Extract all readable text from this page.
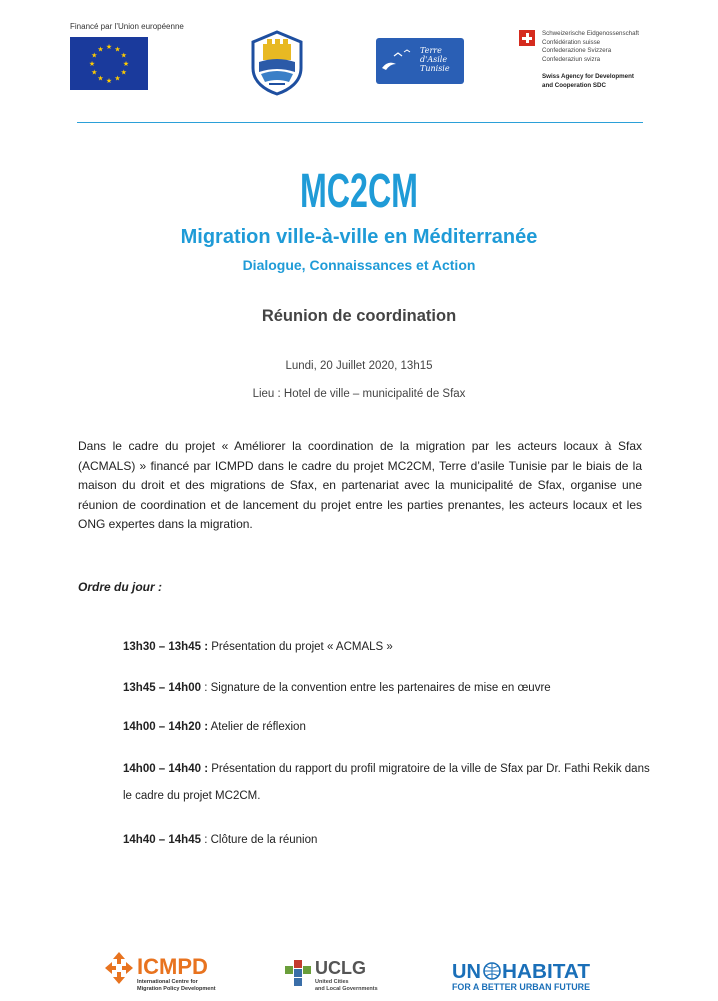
Financé par l’Union européenne
★ ★
★
★
★
★
★
★
★
★
★
★	Terre
d'Asile
Tunisie
Schweizerische Eidgenossenschaft
Confédération suisse
Confederazione Svizzera
Confederaziun svizra
Swiss Agency for Development
and Cooperation SDC
MC2CM
Migration ville-à-ville en Méditerranée
Dialogue, Connaissances et Action
Réunion de coordination
Lundi, 20 Juillet 2020, 13h15
Lieu : Hotel de ville – municipalité de Sfax
Dans le cadre du projet « Améliorer la coordination de la migration par les acteurs locaux à Sfax (ACMALS) » financé par ICMPD dans le cadre du projet MC2CM, Terre d’asile Tunisie par le biais de la maison du droit et des migrations de Sfax, en partenariat avec la municipalité de Sfax, organise une réunion de coordination et de lancement du projet entre les parties prenantes, les acteurs locaux et les ONG expertes dans la migration.
Ordre du jour :
13h30 – 13h45 : Présentation du projet « ACMALS »
13h45 – 14h00 : Signature de la convention entre les partenaires de mise en œuvre
14h00 – 14h20 : Atelier de réflexion
14h00 – 14h40 : Présentation du rapport du profil migratoire de la ville de Sfax par Dr. Fathi Rekik dans le cadre du projet MC2CM.
14h40 – 14h45 : Clôture de la réunion
ICMPD
International Centre for
Migration Policy Development
UCLG
United Cities
and Local Governments
UN HABITAT
FOR A BETTER URBAN FUTURE
